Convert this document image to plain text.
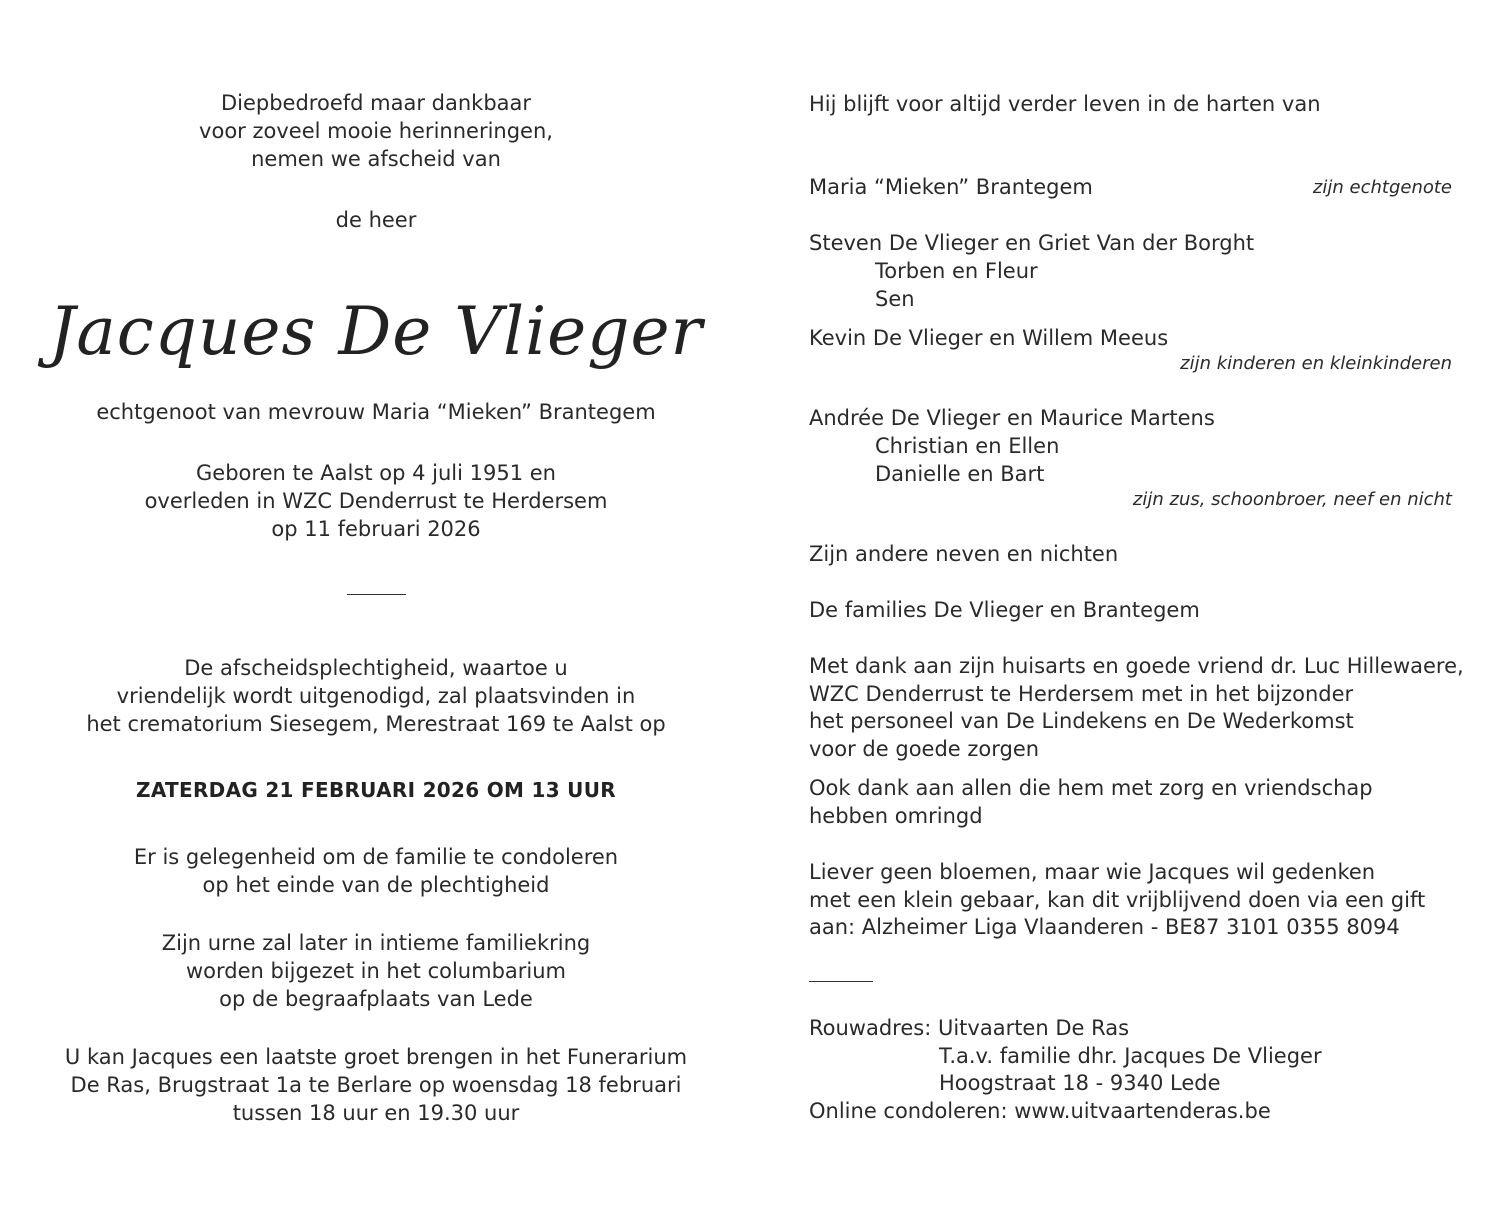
Diepbedroefd maar dankbaar
voor zoveel mooie herinneringen,
nemen we afscheid van
de heer
Jacques De Vlieger
echtgenoot van mevrouw Maria “Mieken” Brantegem
Geboren te Aalst op 4 juli 1951 en
overleden in WZC Denderrust te Herdersem
op 11 februari 2026
De afscheidsplechtigheid, waartoe u
vriendelijk wordt uitgenodigd, zal plaatsvinden in
het crematorium Siesegem, Merestraat 169 te Aalst op
ZATERDAG 21 FEBRUARI 2026 OM 13 UUR
Er is gelegenheid om de familie te condoleren
op het einde van de plechtigheid
Zijn urne zal later in intieme familiekring
worden bijgezet in het columbarium
op de begraafplaats van Lede
U kan Jacques een laatste groet brengen in het Funerarium
De Ras, Brugstraat 1a te Berlare op woensdag 18 februari
tussen 18 uur en 19.30 uur
Hij blijft voor altijd verder leven in de harten van
Maria “Mieken” Brantegem	zijn echtgenote
Steven De Vlieger en Griet Van der Borght
Torben en Fleur
Sen
Kevin De Vlieger en Willem Meeus
zijn kinderen en kleinkinderen
Andrée De Vlieger en Maurice Martens
Christian en Ellen
Danielle en Bart
zijn zus, schoonbroer, neef en nicht
Zijn andere neven en nichten
De families De Vlieger en Brantegem
Met dank aan zijn huisarts en goede vriend dr. Luc Hillewaere,
WZC Denderrust te Herdersem met in het bijzonder
het personeel van De Lindekens en De Wederkomst
voor de goede zorgen
Ook dank aan allen die hem met zorg en vriendschap
hebben omringd
Liever geen bloemen, maar wie Jacques wil gedenken
met een klein gebaar, kan dit vrijblijvend doen via een gift
aan: Alzheimer Liga Vlaanderen - BE87 3101 0355 8094
Rouwadres: Uitvaarten De Ras
T.a.v. familie dhr. Jacques De Vlieger
Hoogstraat 18 - 9340 Lede
Online condoleren: www.uitvaartenderas.be
